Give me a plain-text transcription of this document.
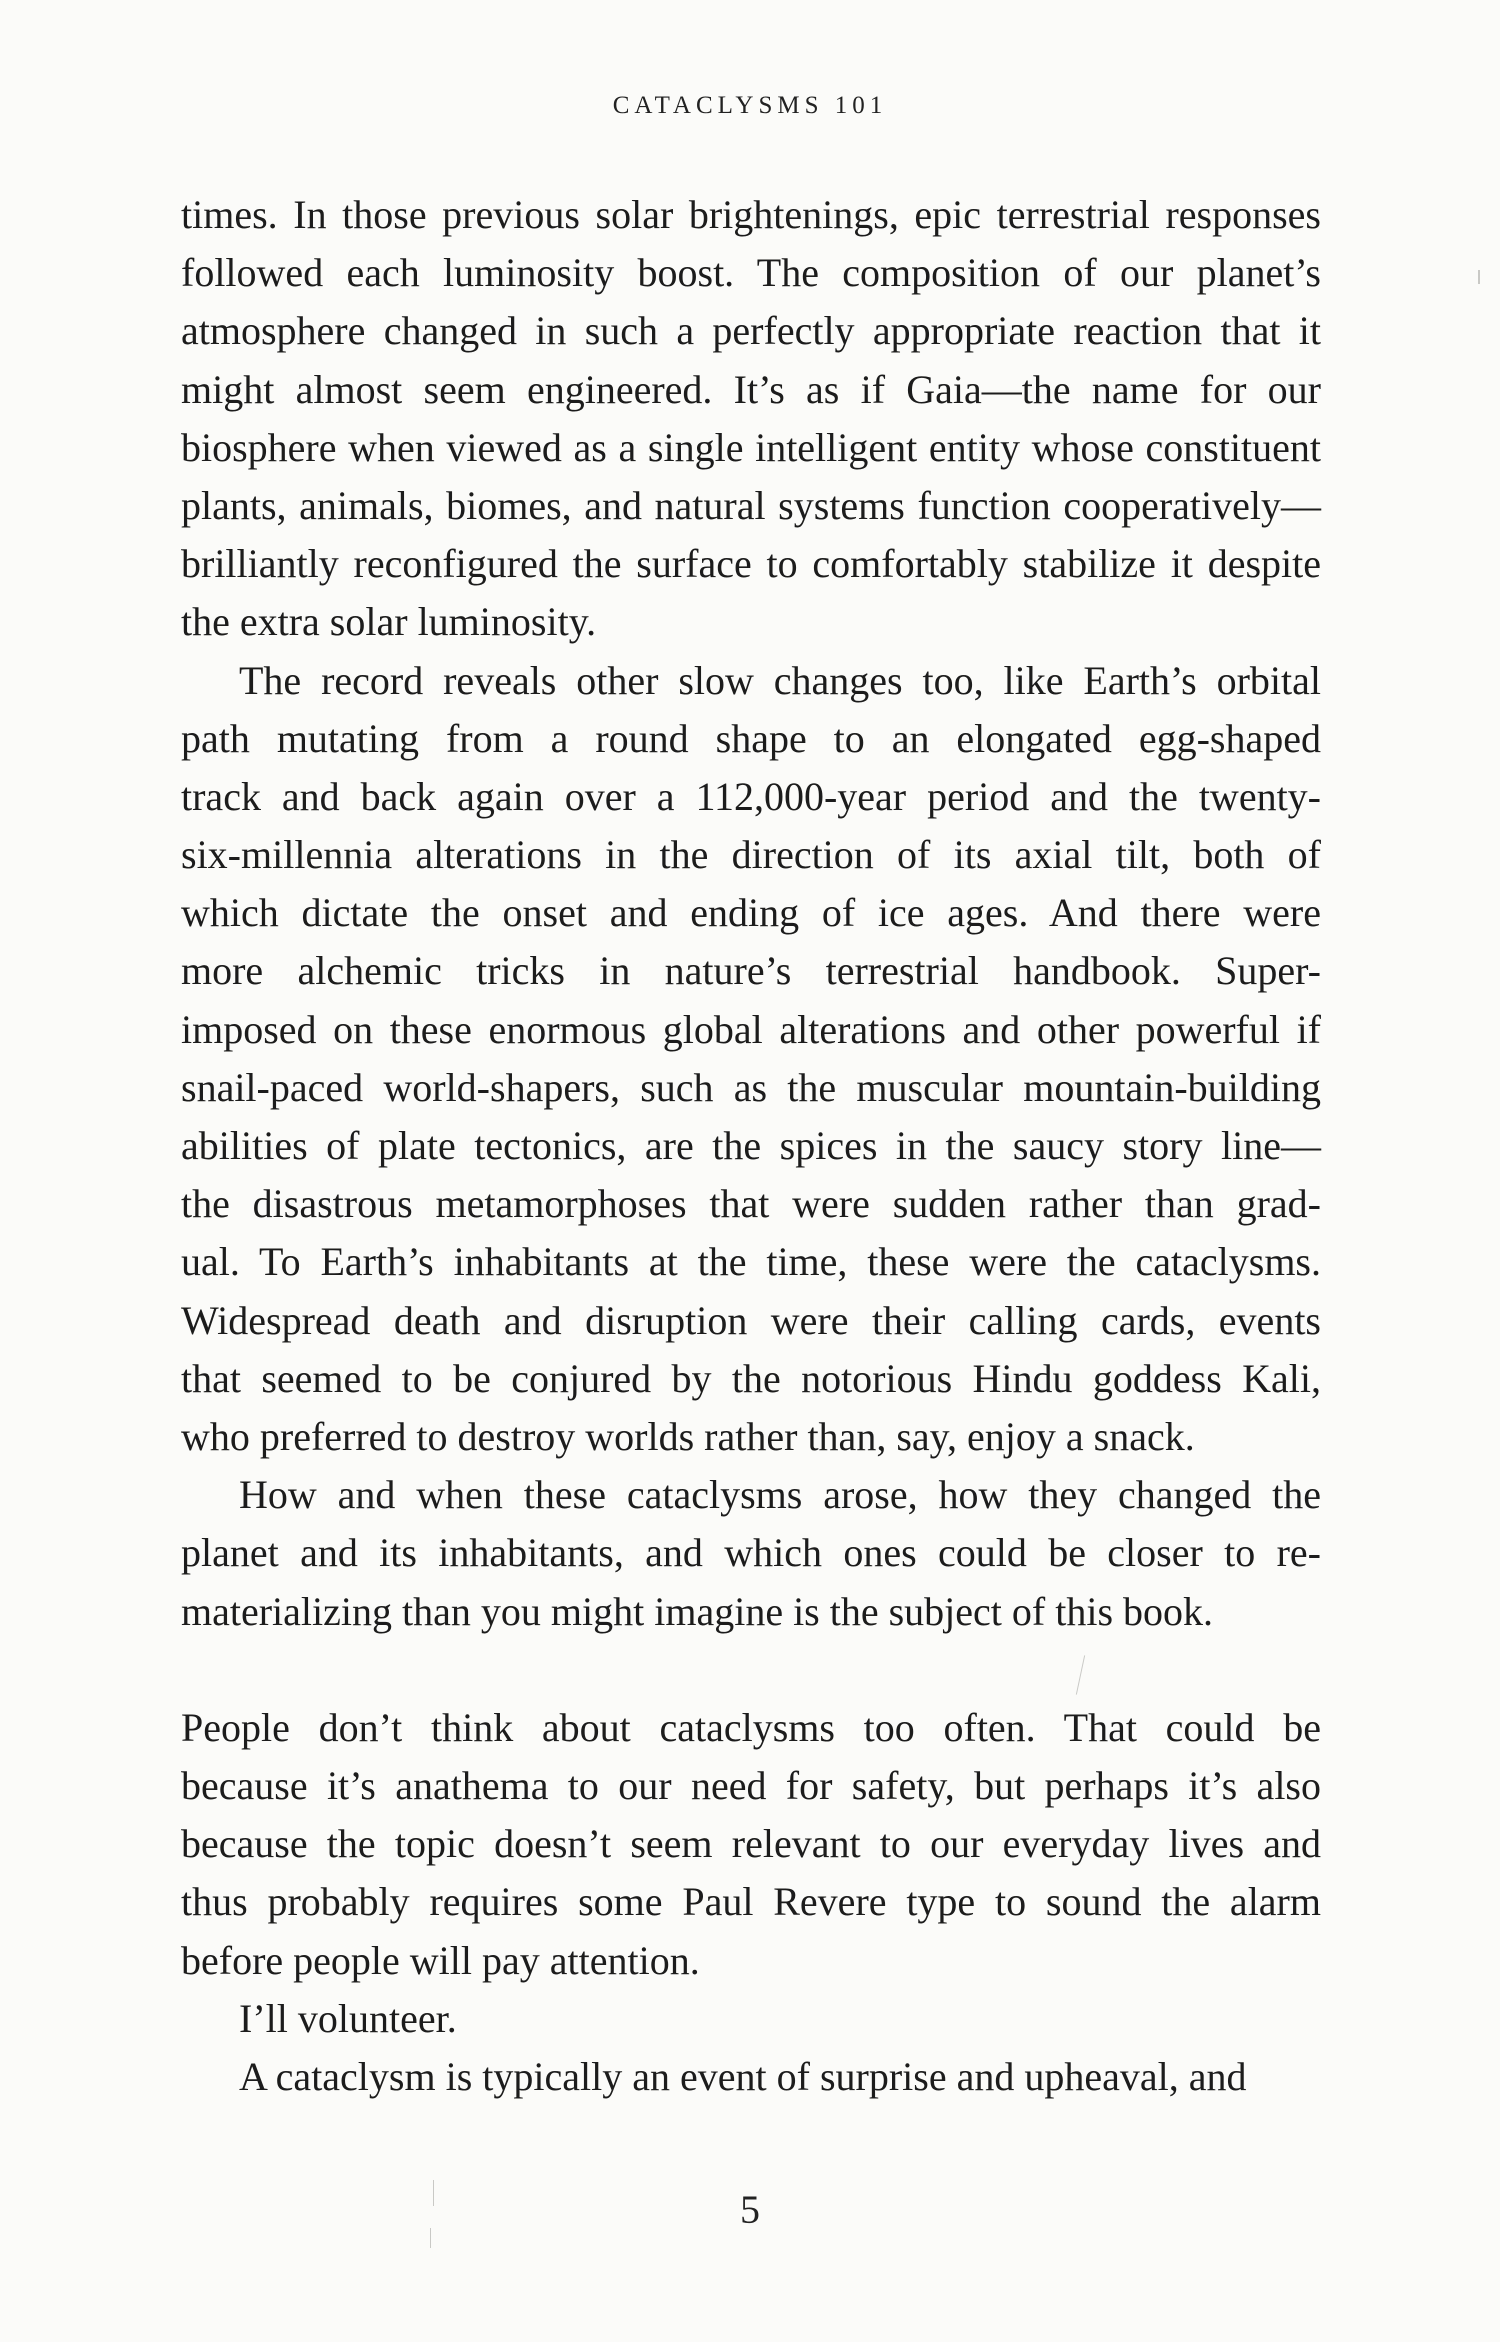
CATACLYSMS 101
times. In those previous solar brightenings, epic terrestrial responses
followed each luminosity boost. The composition of our planet’s
atmosphere changed in such a perfectly appropriate reaction that it
might almost seem engineered. It’s as if Gaia—the name for our
biosphere when viewed as a single intelligent entity whose constituent
plants, animals, biomes, and natural systems function cooperatively—
brilliantly reconfigured the surface to comfortably stabilize it despite
the extra solar luminosity.
The record reveals other slow changes too, like Earth’s orbital
path mutating from a round shape to an elongated egg-shaped
track and back again over a 112,000-year period and the twenty-
six-millennia alterations in the direction of its axial tilt, both of
which dictate the onset and ending of ice ages. And there were
more alchemic tricks in nature’s terrestrial handbook. Super-
imposed on these enormous global alterations and other powerful if
snail-paced world-shapers, such as the muscular mountain-building
abilities of plate tectonics, are the spices in the saucy story line—
the disastrous metamorphoses that were sudden rather than grad-
ual. To Earth’s inhabitants at the time, these were the cataclysms.
Widespread death and disruption were their calling cards, events
that seemed to be conjured by the notorious Hindu goddess Kali,
who preferred to destroy worlds rather than, say, enjoy a snack.
How and when these cataclysms arose, how they changed the
planet and its inhabitants, and which ones could be closer to re-
materializing than you might imagine is the subject of this book.
People don’t think about cataclysms too often. That could be
because it’s anathema to our need for safety, but perhaps it’s also
because the topic doesn’t seem relevant to our everyday lives and
thus probably requires some Paul Revere type to sound the alarm
before people will pay attention.
I’ll volunteer.
A cataclysm is typically an event of surprise and upheaval, and
5
